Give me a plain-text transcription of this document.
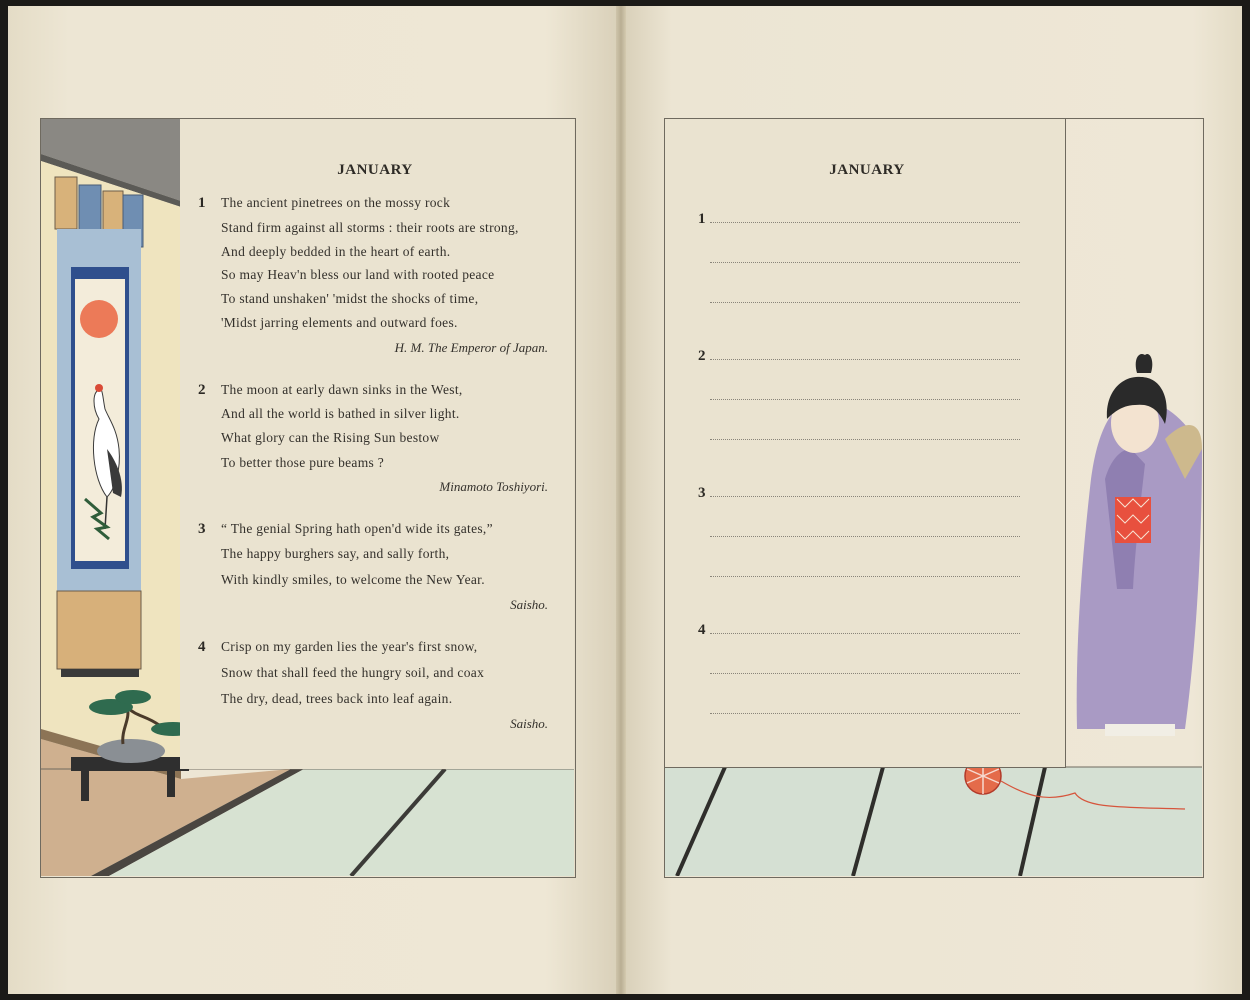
JANUARY
1 The ancient pinetrees on the mossy rock
Stand firm against all storms : their roots are strong,
And deeply bedded in the heart of earth.
So may Heav'n bless our land with rooted peace
To stand unshaken' 'midst the shocks of time,
'Midst jarring elements and outward foes.
H. M. The Emperor of Japan.
2 The moon at early dawn sinks in the West,
And all the world is bathed in silver light.
What glory can the Rising Sun bestow
To better those pure beams ?
Minamoto Toshiyori.
3 “ The genial Spring hath open'd wide its gates,”
The happy burghers say, and sally forth,
With kindly smiles, to welcome the New Year.
Saisho.
4 Crisp on my garden lies the year's first snow,
Snow that shall feed the hungry soil, and coax
The dry, dead, trees back into leaf again.
Saisho.
JANUARY
1
2
3
4
